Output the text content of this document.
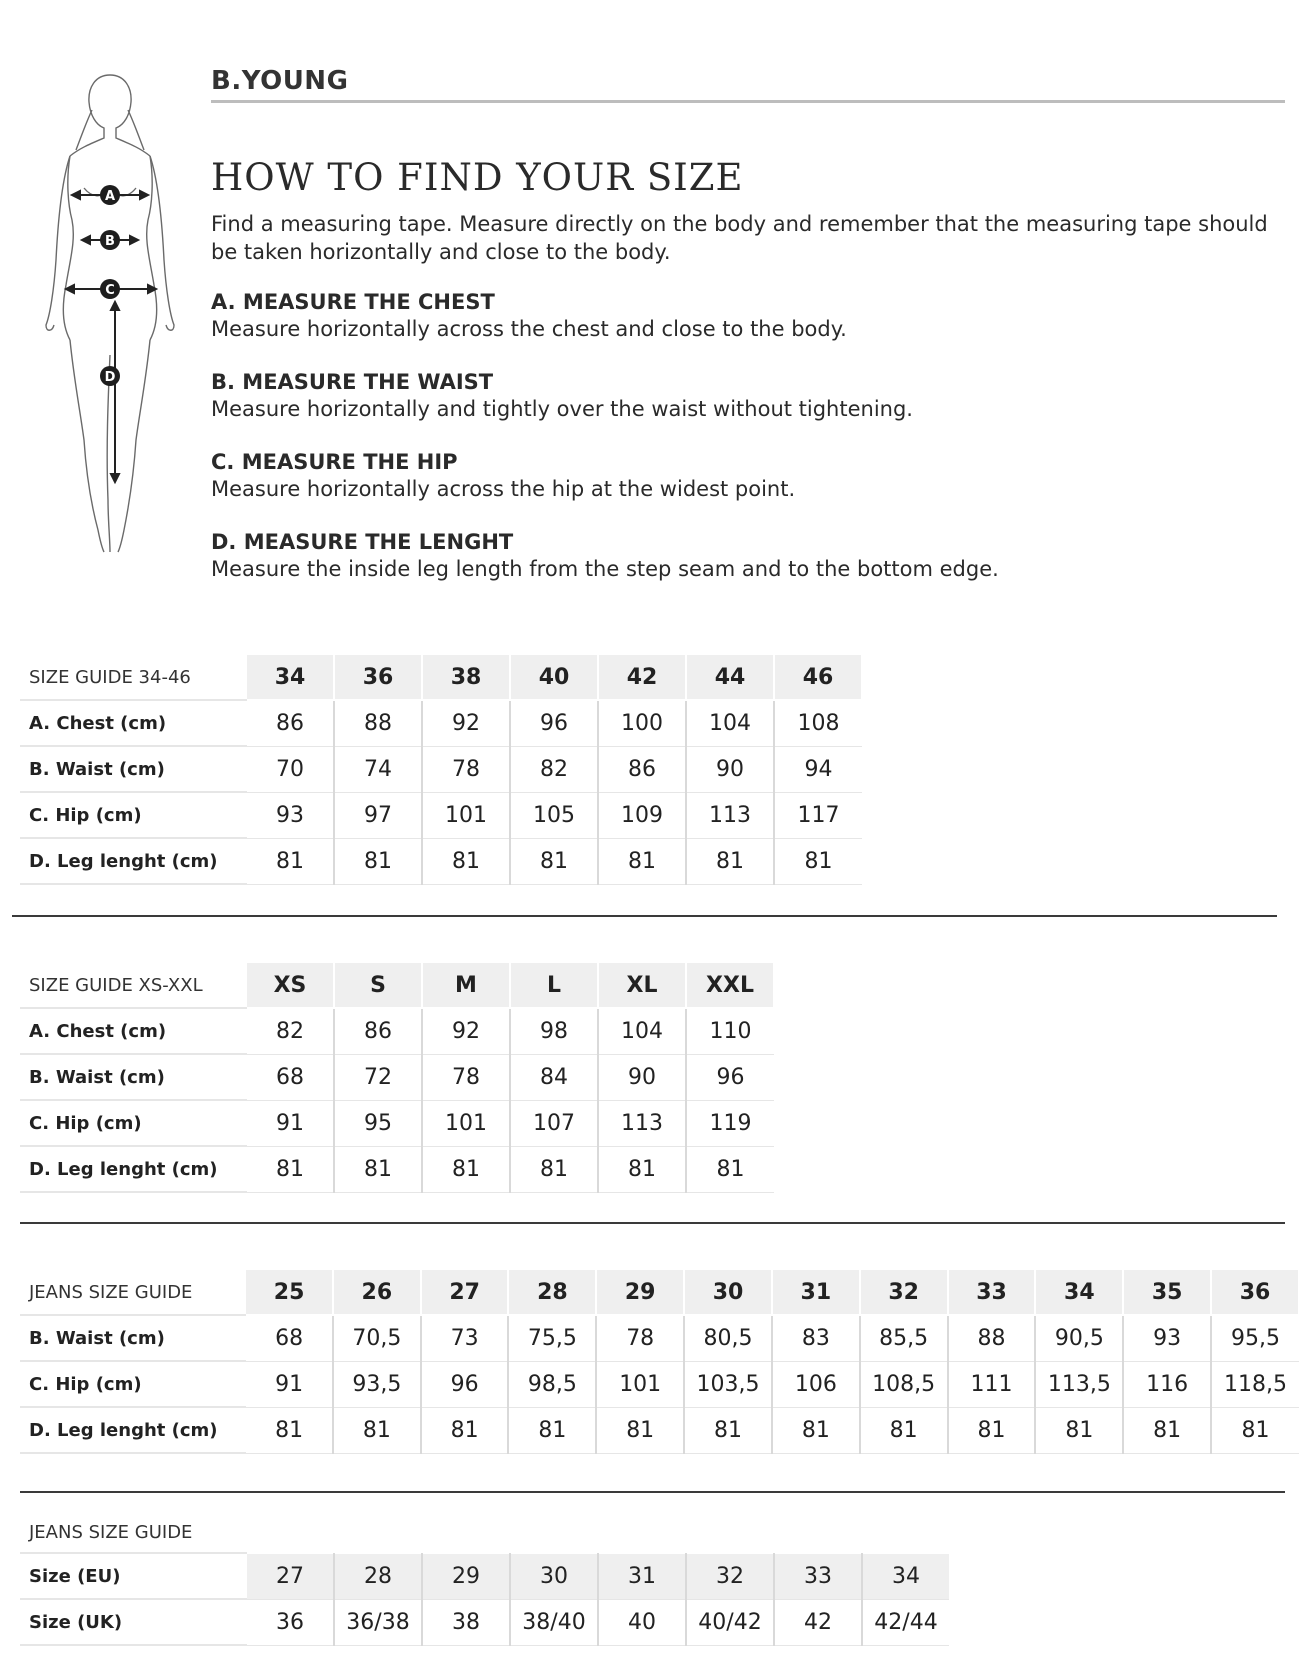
A
B
C
D
B.YOUNG
HOW TO FIND YOUR SIZE
Find a measuring tape. Measure directly on the body and remember that the measuring tape should be taken horizontally and close to the body.
A. MEASURE THE CHEST
Measure horizontally across the chest and close to the body.
B. MEASURE THE WAIST
Measure horizontally and tightly over the waist without tightening.
C. MEASURE THE HIP
Measure horizontally across the hip at the widest point.
D. MEASURE THE LENGHT
Measure the inside leg length from the step seam and to the bottom edge.
SIZE GUIDE 34-46	34	36	38	40	42	44	46
A. Chest (cm)	86	88	92	96	100	104	108
B. Waist (cm)	70	74	78	82	86	90	94
C. Hip (cm)	93	97	101	105	109	113	117
D. Leg lenght (cm)	81	81	81	81	81	81	81
SIZE GUIDE XS-XXL	XS	S	M	L	XL	XXL
A. Chest (cm)	82	86	92	98	104	110
B. Waist (cm)	68	72	78	84	90	96
C. Hip (cm)	91	95	101	107	113	119
D. Leg lenght (cm)	81	81	81	81	81	81
JEANS SIZE GUIDE	25	26	27	28	29	30	31	32	33	34	35	36
B. Waist (cm)	68	70,5	73	75,5	78	80,5	83	85,5	88	90,5	93	95,5
C. Hip (cm)	91	93,5	96	98,5	101	103,5	106	108,5	111	113,5	116	118,5
D. Leg lenght (cm)	81	81	81	81	81	81	81	81	81	81	81	81
JEANS SIZE GUIDE								
Size (EU)	27	28	29	30	31	32	33	34
Size (UK)	36	36/38	38	38/40	40	40/42	42	42/44
